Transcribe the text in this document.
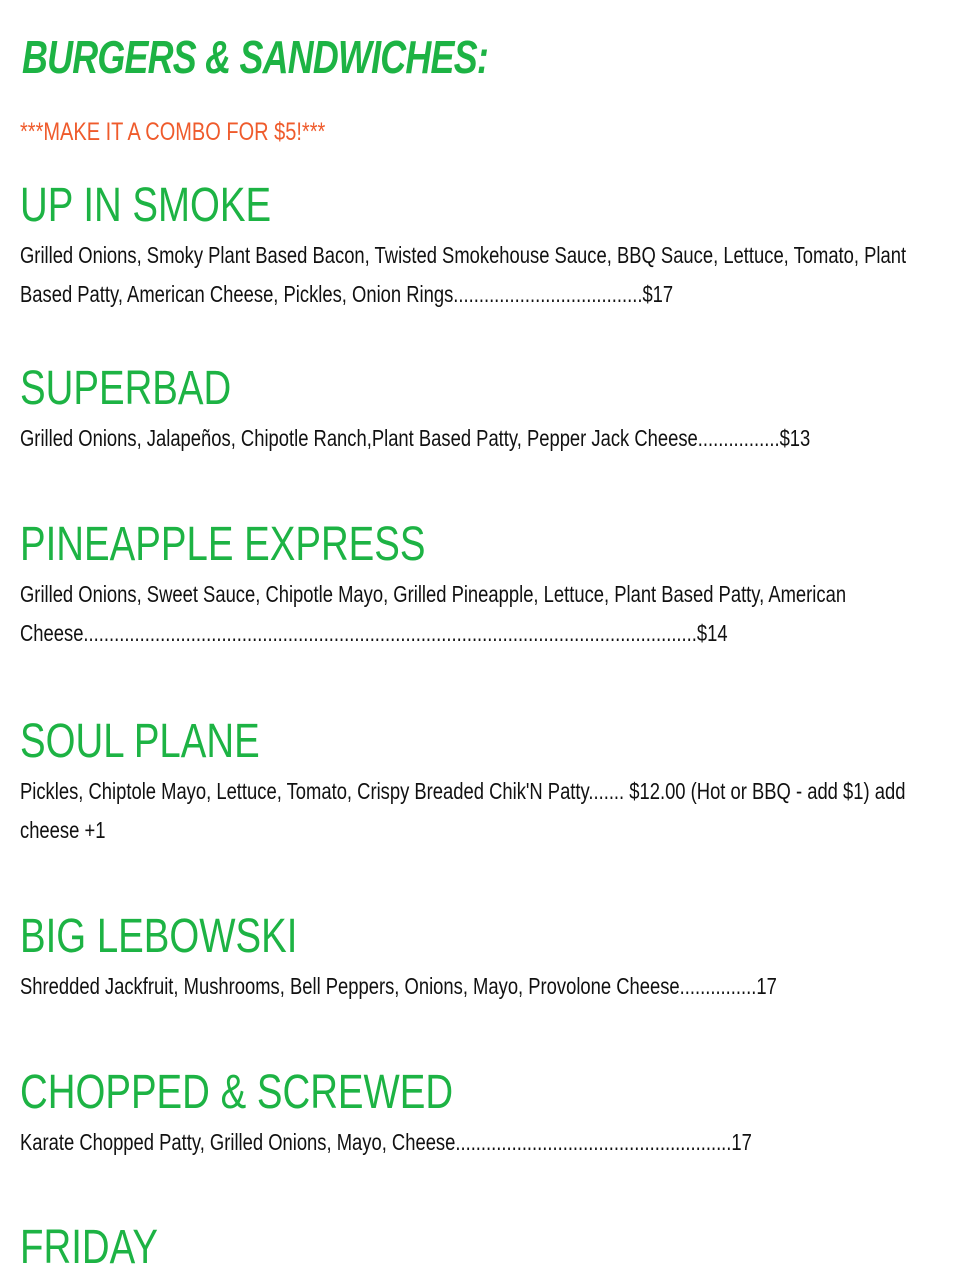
BURGERS & SANDWICHES:

***MAKE IT A COMBO FOR $5!***

UP IN SMOKE

Grilled Onions, Smoky Plant Based Bacon, Twisted Smokehouse Sauce, BBQ Sauce, Lettuce, Tomato, Plant Based Patty, American Cheese, Pickles, Onion Rings.....................................$17

SUPERBAD

Grilled Onions, Jalapeños, Chipotle Ranch,Plant Based Patty, Pepper Jack Cheese................$13

PINEAPPLE EXPRESS

Grilled Onions, Sweet Sauce, Chipotle Mayo, Grilled Pineapple, Lettuce, Plant Based Patty, American Cheese........................................................................................................................$14

SOUL PLANE

Pickles, Chiptole Mayo, Lettuce, Tomato, Crispy Breaded Chik'N Patty....... $12.00 (Hot or BBQ - add $1) add cheese +1

BIG LEBOWSKI

Shredded Jackfruit, Mushrooms, Bell Peppers, Onions, Mayo, Provolone Cheese...............17

CHOPPED & SCREWED

Karate Chopped Patty, Grilled Onions, Mayo, Cheese......................................................17

FRIDAY
